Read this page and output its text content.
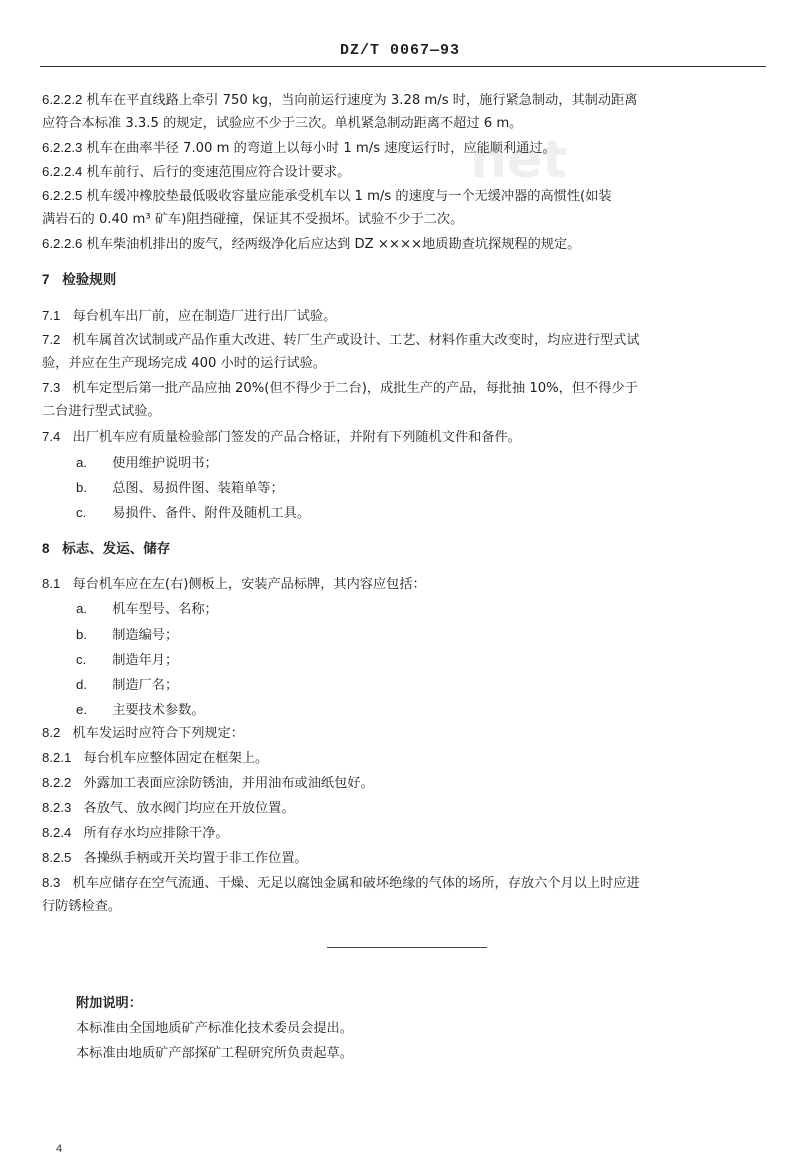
net
DZ/T 0067—93
6.2.2.2 机车在平直线路上牵引 750 kg，当向前运行速度为 3.28 m/s 时，施行紧急制动，其制动距离
应符合本标准 3.3.5 的规定，试验应不少于三次。单机紧急制动距离不超过 6 m。
6.2.2.3 机车在曲率半径 7.00 m 的弯道上以每小时 1 m/s 速度运行时，应能顺利通过。
6.2.2.4 机车前行、后行的变速范围应符合设计要求。
6.2.2.5 机车缓冲橡胶垫最低吸收容量应能承受机车以 1 m/s 的速度与一个无缓冲器的高惯性(如装
满岩石的 0.40 m³ 矿车)阻挡碰撞，保证其不受损坏。试验不少于二次。
6.2.2.6 机车柴油机排出的废气，经两级净化后应达到 DZ ××××地质勘查坑探规程的规定。
7 检验规则
7.1 每台机车出厂前，应在制造厂进行出厂试验。
7.2 机车属首次试制或产品作重大改进、转厂生产或设计、工艺、材料作重大改变时，均应进行型式试
验，并应在生产现场完成 400 小时的运行试验。
7.3 机车定型后第一批产品应抽 20%(但不得少于二台)，成批生产的产品，每批抽 10%，但不得少于
二台进行型式试验。
7.4 出厂机车应有质量检验部门签发的产品合格证，并附有下列随机文件和备件。
a. 使用维护说明书；
b. 总图、易损件图、装箱单等；
c. 易损件、备件、附件及随机工具。
8 标志、发运、储存
8.1 每台机车应在左(右)侧板上，安装产品标牌，其内容应包括：
a. 机车型号、名称；
b. 制造编号；
c. 制造年月；
d. 制造厂名；
e. 主要技术参数。
8.2 机车发运时应符合下列规定：
8.2.1 每台机车应整体固定在框架上。
8.2.2 外露加工表面应涂防锈油，并用油布或油纸包好。
8.2.3 各放气、放水阀门均应在开放位置。
8.2.4 所有存水均应排除干净。
8.2.5 各操纵手柄或开关均置于非工作位置。
8.3 机车应储存在空气流通、干燥、无足以腐蚀金属和破坏绝缘的气体的场所，存放六个月以上时应进
行防锈检查。
附加说明：
本标准由全国地质矿产标准化技术委员会提出。
本标准由地质矿产部探矿工程研究所负责起草。
4
